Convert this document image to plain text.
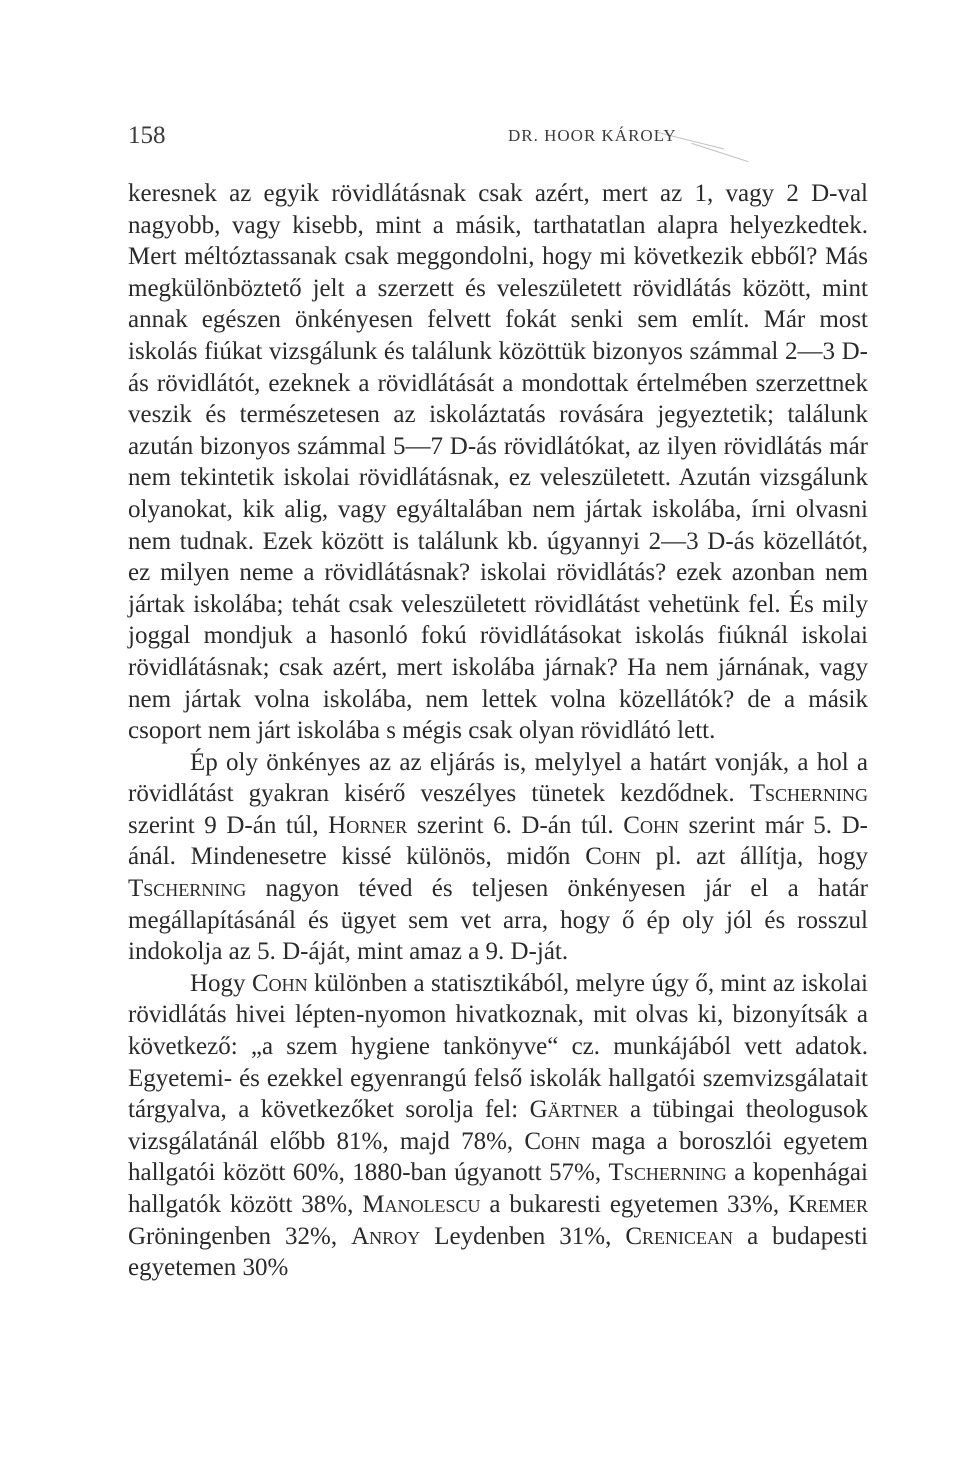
158	DR. HOOR KÁROLY

keresnek az egyik rövidlátásnak csak azért, mert az 1, vagy 2 D-val nagyobb, vagy kisebb, mint a másik, tarthatatlan alapra helyezkedtek. Mert méltóztassanak csak meggondolni, hogy mi következik ebből? Más megkülönböztető jelt a szerzett és veleszületett rövidlátás között, mint annak egészen önkényesen felvett fokát senki sem említ. Már most iskolás fiúkat vizsgálunk és találunk közöttük bizonyos számmal 2—3 D-ás rövidlátót, ezeknek a rövidlátását a mondottak értelmében szerzettnek veszik és természetesen az iskoláztatás rovására jegyeztetik; találunk azután bizonyos számmal 5—7 D-ás rövidlátókat, az ilyen rövidlátás már nem tekintetik iskolai rövidlátásnak, ez veleszületett. Azután vizsgálunk olyanokat, kik alig, vagy egyáltalában nem jártak iskolába, írni olvasni nem tudnak. Ezek között is találunk kb. úgyannyi 2—3 D-ás közellátót, ez milyen neme a rövidlátásnak? iskolai rövidlátás? ezek azonban nem jártak iskolába; tehát csak veleszületett rövidlátást vehetünk fel. És mily joggal mondjuk a hasonló fokú rövidlátásokat iskolás fiúknál iskolai rövidlátásnak; csak azért, mert iskolába járnak? Ha nem járnának, vagy nem jártak volna iskolába, nem lettek volna közellátók? de a másik csoport nem járt iskolába s mégis csak olyan rövidlátó lett.

Ép oly önkényes az az eljárás is, melylyel a határt vonják, a hol a rövidlátást gyakran kisérő veszélyes tünetek kezdődnek. Tscherning szerint 9 D-án túl, Horner szerint 6. D-án túl. Cohn szerint már 5. D-ánál. Mindenesetre kissé különös, midőn Cohn pl. azt állítja, hogy Tscherning nagyon téved és teljesen önkényesen jár el a határ megállapításánál és ügyet sem vet arra, hogy ő ép oly jól és rosszul indokolja az 5. D-áját, mint amaz a 9. D-ját.

Hogy Cohn különben a statisztikából, melyre úgy ő, mint az iskolai rövidlátás hivei lépten-nyomon hivatkoznak, mit olvas ki, bizonyítsák a következő: „a szem hygiene tankönyve“ cz. munkájából vett adatok. Egyetemi- és ezekkel egyenrangú felső iskolák hallgatói szemvizsgálatait tárgyalva, a következőket sorolja fel: Gärtner a tübingai theologusok vizsgálatánál előbb 81%, majd 78%, Cohn maga a boroszlói egyetem hallgatói között 60%, 1880-ban úgyanott 57%, Tscherning a kopenhágai hallgatók között 38%, Manolescu a bukaresti egyetemen 33%, Kremer Gröningenben 32%, Anroy Leydenben 31%, Crenicean a budapesti egyetemen 30%
